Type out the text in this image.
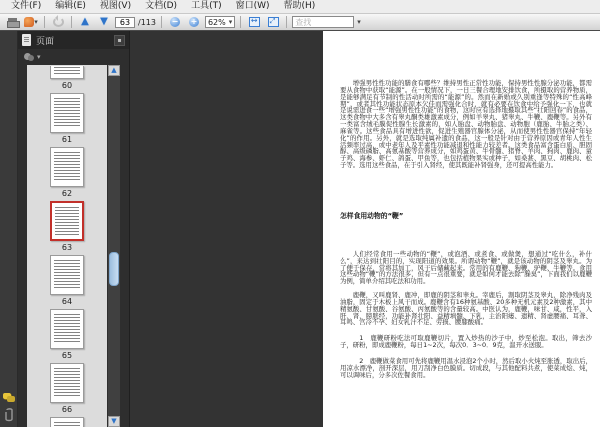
文件(F)	编辑(E)	视图(V)	文档(D)	工具(T)	窗口(W)	帮助(H)
▾	▲ ▼
63	/113 − + 62% ▾ ↔ ⤢
查找	▾
页面	▪
▾
60
61
62
63
64
65
66
▲
▼

增强男性性功能的膳食有哪些？维持男性正常性功能，保持男性性腺分泌功能，都需要从食物中获取“能源”。在一般情况下，一日三餐合理地安排饮食，所摄取的营养物质，是能够满足有节制的性活动时所需的“能源”的。然而在新婚或久别重逢等特殊的“性高峰期”，或者其性功能状态原本欠佳而需强化合时，就有必要在饮食中给予强化一下，也就是说需进食一些“增强男性性功能”的食物，这时应有选择地摄取其些“壮阳回春”的食品，这类食物中大多含有睾丸酮类雄激素成分，例如羊睾丸、猪睾丸、牛鞭、鹿鞭等。另外有一类富含绒毛膜促性腺生长激素的，如人胎盘、动物胎盘、动物胞（鹿胎、牛胎之类）、麻雀等。这些食品具有增进性欲，促进生殖器官腺体分泌，从而使男性性器官保持“年轻化”的作用。另外，就是选取纯属补遗的食品，这一般是针对由于营养原因或青年人性生活频率过高，或中老年人及平素性功能减退和性能力较差者。这类食品富含蛋白质、胆固醇、高级磷脂、高氨基酸等营养成分，如鸡蛋黄、牛骨髓、猪脊、羊肉、狗肉、鹿肉、童子鸡、海参、虾仁、鸽蛋、甲鱼等，也包括植物果实或种子，如桑葚、黑豆、胡桃肉、松子等。选用这些食品，在于引入肾经，使其既能补肾强身，还可提高性能力。

怎样食用动物的“鞭”

人们经常食用一些动物的“鞭”，或泡酒、或煮食、或做煲，想通过“吃什么，补什么”，来达到壮阳目的，实现阳道的效果。所谓动物“鞭”，就是该动物的阴茎及睾丸。为了便于保存，常将其加工，风干后储藏起来。常用的有鹿鞭、狗鞭、驴鞭、牛鞭等。食用这些动物“鞭”的方法很多，但有一点很重要，就是如何才能去除“臊臭”，下面我们以鹿鞭为例，简单介绍其吃法和功用。

鹿鞭，又叫鹿肾、鹿冲，即鹿的阴茎和睾丸。宰鹿后，割取阴茎及睾丸，除净残肉及油脂，固定于木板上风干而成。鹿鞭含有16种氨基酸、20多种无机元素及2种激素，其中精氨酸、甘氨酸、谷氨酸、丙氨酸等的含量较高。中医认为，鹿鞭，味甘、咸，性平，入肝、肾、膀胱经，功能补肾壮阳、益精填髓、下乳，主治阳痿、遗精、肾虚腰痛、耳聋、耳鸣、宫冷不孕、妇女乳汁不足、劳损、腰膝酸痛。

1　鹿鞭研粉吃法可取鹿鞭切片，置入炒热的沙子中，炒至松泡。取出，筛去沙子，研粉，即成鹿鞭粉，每日1~2次，每次0．3~0．9克，温开水送服。

2　鹿鞭做菜食用可先将鹿鞭用温水浸泡2个小时，然后取小火炖至胀透，取出后，用凉水漂净，剖开深层，用刀刮净白色膜质。切成段，与其他配料共煮，使菜成烩、炖，可以调味后，分多次佐餐食用。
